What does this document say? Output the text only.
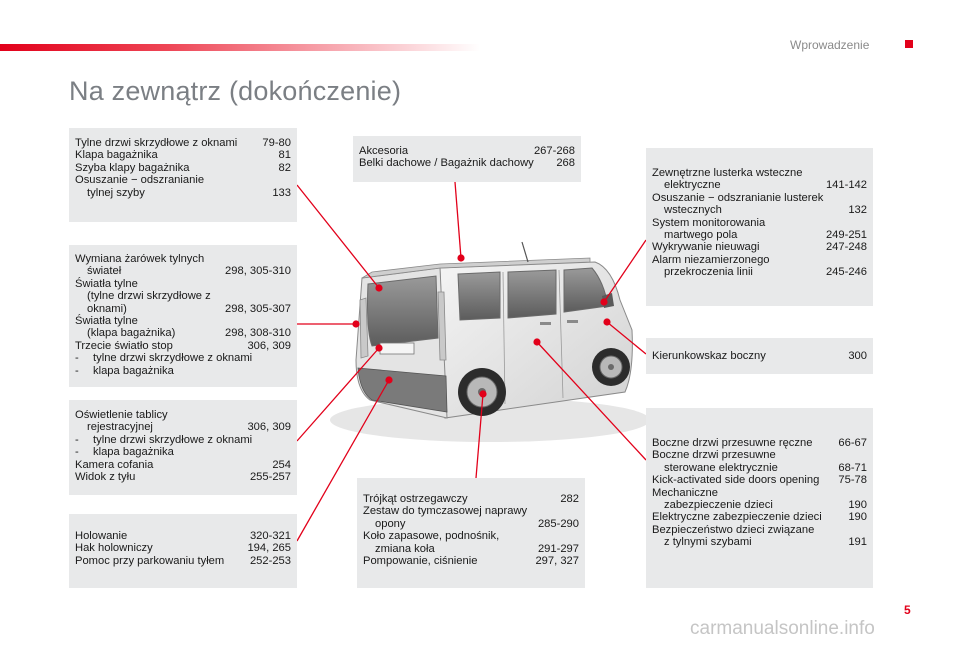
Wprowadzenie
Na zewnątrz (dokończenie)
Tylne drzwi skrzydłowe z oknami	79-80
Klapa bagażnika	81
Szyba klapy bagażnika	82
Osuszanie − odszranianie
tylnej szyby	133
Wymiana żarówek tylnych
świateł	298, 305-310
Światła tylne
(tylne drzwi skrzydłowe z
oknami)	298, 305-307
Światła tylne
(klapa bagażnika)	298, 308-310
Trzecie światło stop	306, 309
-	tylne drzwi skrzydłowe z oknami
-	klapa bagażnika
Oświetlenie tablicy
rejestracyjnej	306, 309
-	tylne drzwi skrzydłowe z oknami
-	klapa bagażnika
Kamera cofania	254
Widok z tyłu	255-257
Holowanie	320-321
Hak holowniczy	194, 265
Pomoc przy parkowaniu tyłem	252-253
Akcesoria	267-268
Belki dachowe / Bagażnik dachowy	268
Trójkąt ostrzegawczy	282
Zestaw do tymczasowej naprawy
opony	285-290
Koło zapasowe, podnośnik,
zmiana koła	291-297
Pompowanie, ciśnienie	297, 327
Zewnętrzne lusterka wsteczne
elektryczne	141-142
Osuszanie − odszranianie lusterek
wstecznych	132
System monitorowania
martwego pola	249-251
Wykrywanie nieuwagi	247-248
Alarm niezamierzonego
przekroczenia linii	245-246
Kierunkowskaz boczny	300
Boczne drzwi przesuwne ręczne	66-67
Boczne drzwi przesuwne
sterowane elektrycznie	68-71
Kick-activated side doors opening	75-78
Mechaniczne
zabezpieczenie dzieci	190
Elektryczne zabezpieczenie dzieci	190
Bezpieczeństwo dzieci związane
z tylnymi szybami	191
5
carmanualsonline.info
